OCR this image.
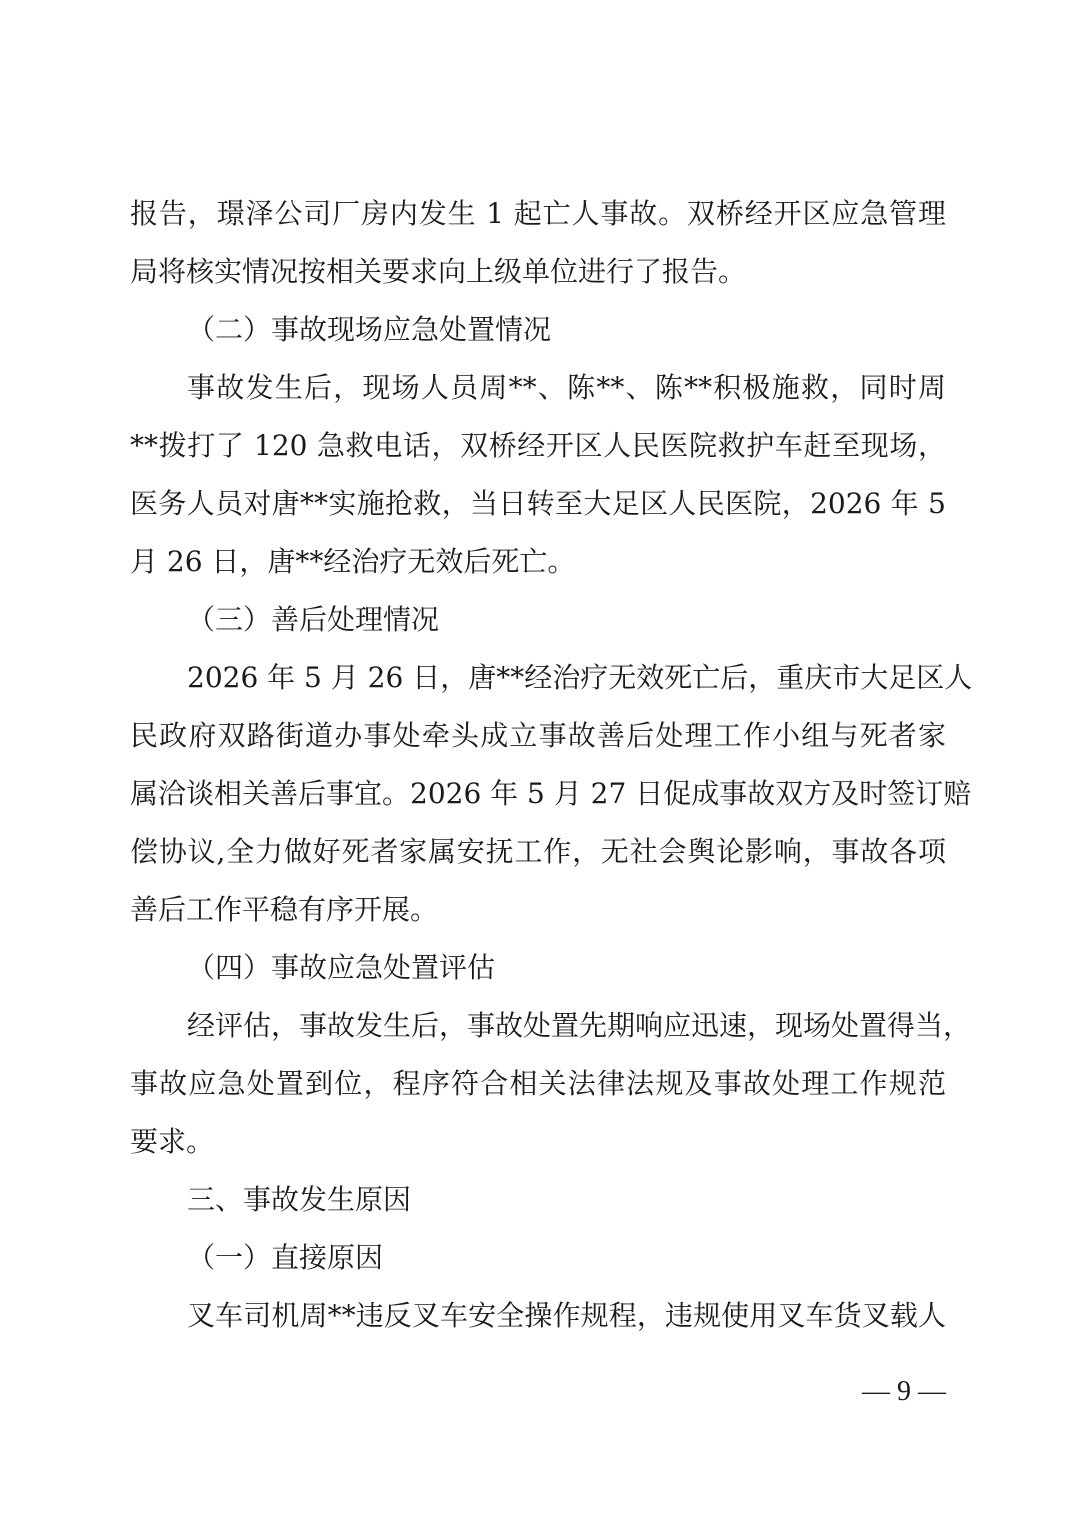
报告，璟泽公司厂房内发生 1 起亡人事故。双桥经开区应急管理
局将核实情况按相关要求向上级单位进行了报告。
（二）事故现场应急处置情况
事故发生后，现场人员周**、陈**、陈**积极施救，同时周
**拨打了 120 急救电话，双桥经开区人民医院救护车赶至现场，
医务人员对唐**实施抢救，当日转至大足区人民医院，2026 年 5
月 26 日，唐**经治疗无效后死亡。
（三）善后处理情况
2026 年 5 月 26 日，唐**经治疗无效死亡后，重庆市大足区人
民政府双路街道办事处牵头成立事故善后处理工作小组与死者家
属洽谈相关善后事宜。2026 年 5 月 27 日促成事故双方及时签订赔
偿协议,全力做好死者家属安抚工作，无社会舆论影响，事故各项
善后工作平稳有序开展。
（四）事故应急处置评估
经评估，事故发生后，事故处置先期响应迅速，现场处置得当，
事故应急处置到位，程序符合相关法律法规及事故处理工作规范
要求。
三、事故发生原因
（一）直接原因
叉车司机周**违反叉车安全操作规程，违规使用叉车货叉载人
— 9 —
